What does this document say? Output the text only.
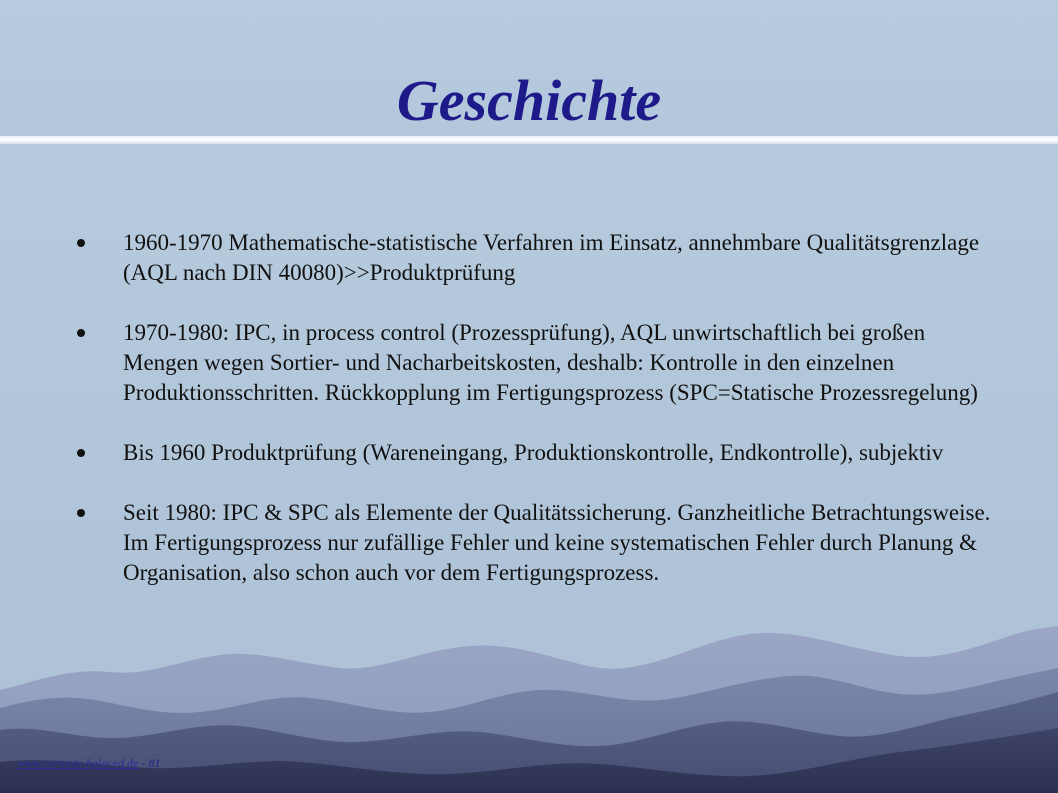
Geschichte
1960-1970 Mathematische-statistische Verfahren im Einsatz, annehmbare Qualitätsgrenzlage (AQL nach DIN 40080)>>Produktprüfung
1970-1980: IPC, in process control (Prozessprüfung), AQL unwirtschaftlich bei großen Mengen wegen Sortier- und Nacharbeitskosten, deshalb: Kontrolle in den einzelnen Produktionsschritten. Rückkopplung im Fertigungsprozess (SPC=Statische Prozessregelung)
Bis 1960 Produktprüfung (Wareneingang, Produktionskontrolle, Endkontrolle), subjektiv
Seit 1980: IPC & SPC als Elemente der Qualitätssicherung. Ganzheitliche Betrachtungsweise. Im Fertigungsprozess nur zufällige Fehler und keine systematischen Fehler durch Planung & Organisation, also schon auch vor dem Fertigungsprozess.
www.cortante.bplaced.de - 81
